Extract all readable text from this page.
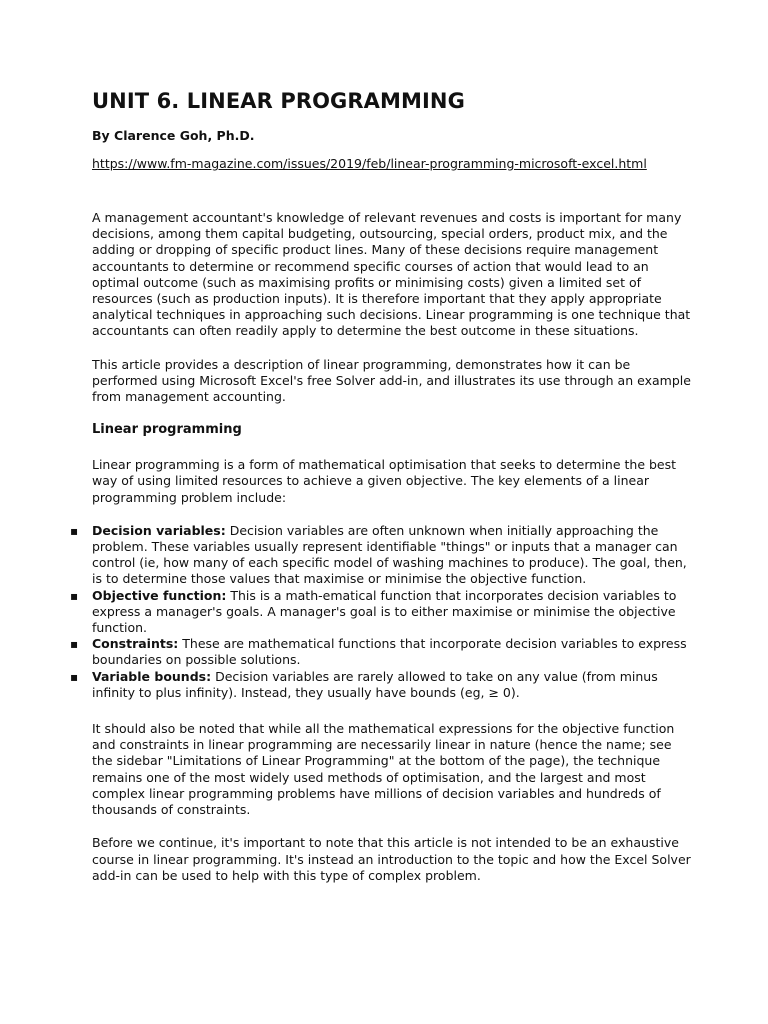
UNIT 6. LINEAR PROGRAMMING
By Clarence Goh, Ph.D.
https://www.fm-magazine.com/issues/2019/feb/linear-programming-microsoft-excel.html

A management accountant's knowledge of relevant revenues and costs is important for many decisions, among them capital budgeting, outsourcing, special orders, product mix, and the adding or dropping of specific product lines. Many of these decisions require management accountants to determine or recommend specific courses of action that would lead to an optimal outcome (such as maximising profits or minimising costs) given a limited set of resources (such as production inputs). It is therefore important that they apply appropriate analytical techniques in approaching such decisions. Linear programming is one technique that accountants can often readily apply to determine the best outcome in these situations.

This article provides a description of linear programming, demonstrates how it can be performed using Microsoft Excel's free Solver add-in, and illustrates its use through an example from management accounting.

Linear programming

Linear programming is a form of mathematical optimisation that seeks to determine the best way of using limited resources to achieve a given objective. The key elements of a linear programming problem include:

▪ Decision variables: Decision variables are often unknown when initially approaching the problem. These variables usually represent identifiable "things" or inputs that a manager can control (ie, how many of each specific model of washing machines to produce). The goal, then, is to determine those values that maximise or minimise the objective function.
▪ Objective function: This is a math-ematical function that incorporates decision variables to express a manager's goals. A manager's goal is to either maximise or minimise the objective function.
▪ Constraints: These are mathematical functions that incorporate decision variables to express boundaries on possible solutions.
▪ Variable bounds: Decision variables are rarely allowed to take on any value (from minus infinity to plus infinity). Instead, they usually have bounds (eg, ≥ 0).

It should also be noted that while all the mathematical expressions for the objective function and constraints in linear programming are necessarily linear in nature (hence the name; see the sidebar "Limitations of Linear Programming" at the bottom of the page), the technique remains one of the most widely used methods of optimisation, and the largest and most complex linear programming problems have millions of decision variables and hundreds of thousands of constraints.

Before we continue, it's important to note that this article is not intended to be an exhaustive course in linear programming. It's instead an introduction to the topic and how the Excel Solver add-in can be used to help with this type of complex problem.
